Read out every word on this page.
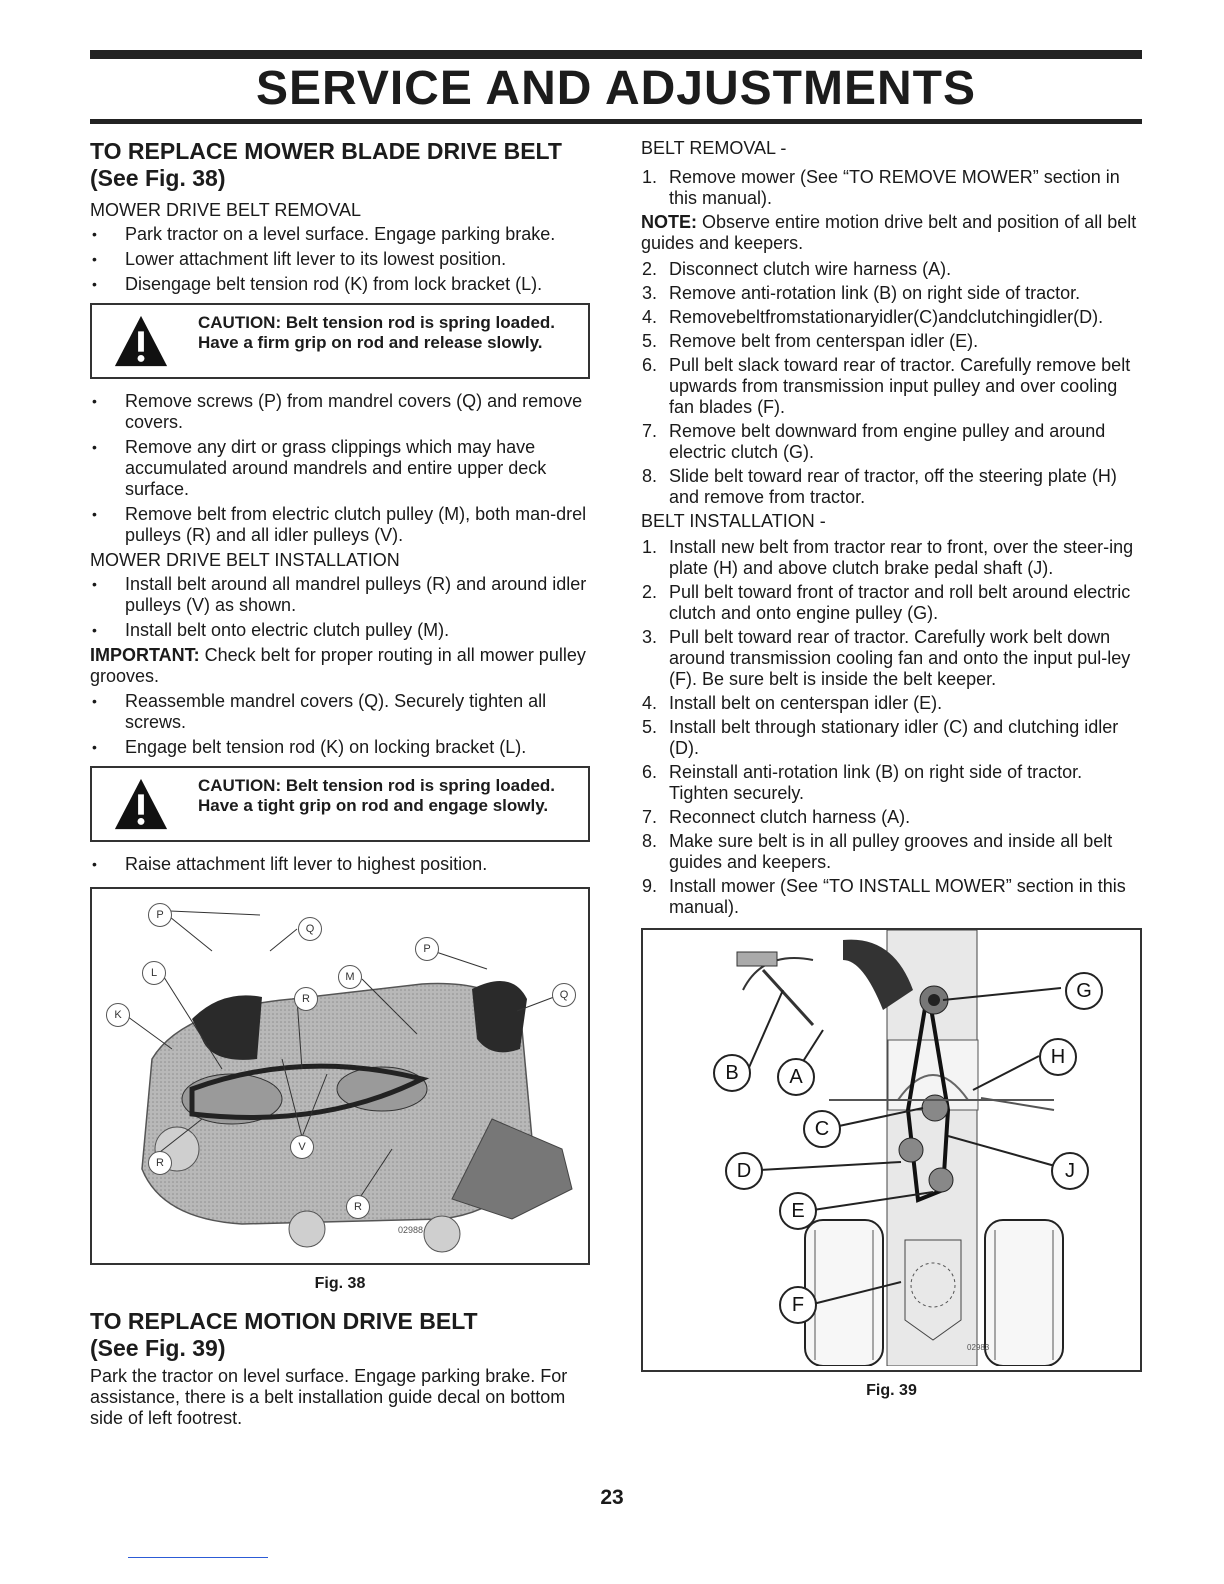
SERVICE AND ADJUSTMENTS
TO REPLACE MOWER BLADE DRIVE BELT
(See Fig. 38)

MOWER DRIVE BELT REMOVAL

• Park tractor on a level surface. Engage parking brake.
• Lower attachment lift lever to its lowest position.
• Disengage belt tension rod (K) from lock bracket (L).
CAUTION: Belt tension rod is spring loaded. Have a firm grip on rod and release slowly.
• Remove screws (P) from mandrel covers (Q) and remove covers.
• Remove any dirt or grass clippings which may have accumulated around mandrels and entire upper deck surface.
• Remove belt from electric clutch pulley (M), both man-drel pulleys (R) and all idler pulleys (V).

MOWER DRIVE BELT INSTALLATION

• Install belt around all mandrel pulleys (R) and around idler pulleys (V) as shown.
• Install belt onto electric clutch pulley (M).

IMPORTANT: Check belt for proper routing in all mower pulley grooves.

• Reassemble mandrel covers (Q). Securely tighten all screws.
• Engage belt tension rod (K) on locking bracket (L).
CAUTION: Belt tension rod is spring loaded. Have a tight grip on rod and engage slowly.
• Raise attachment lift lever to highest position.
02988
P
Q
L	M
P
R	Q
K
V
R
R
Fig. 38
TO REPLACE MOTION DRIVE BELT
(See Fig. 39)

Park the tractor on level surface. Engage parking brake. For assistance, there is a belt installation guide decal on bottom side of left footrest.

BELT REMOVAL -

1. Remove mower (See “TO REMOVE MOWER” section in this manual).

NOTE: Observe entire motion drive belt and position of all belt guides and keepers.

2. Disconnect clutch wire harness (A).
3. Remove anti-rotation link (B) on right side of tractor.
4. Removebeltfromstationaryidler(C)andclutchingidler(D).
5. Remove belt from centerspan idler (E).
6. Pull belt slack toward rear of tractor. Carefully remove belt upwards from transmission input pulley and over cooling fan blades (F).
7. Remove belt downward from engine pulley and around electric clutch (G).
8. Slide belt toward rear of tractor, off the steering plate (H) and remove from tractor.

BELT INSTALLATION -

1. Install new belt from tractor rear to front, over the steer-ing plate (H) and above clutch brake pedal shaft (J).
2. Pull belt toward front of tractor and roll belt around electric clutch and onto engine pulley (G).
3. Pull belt toward rear of tractor. Carefully work belt down around transmission cooling fan and onto the input pul-ley (F). Be sure belt is inside the belt keeper.
4. Install belt on centerspan idler (E).
5. Install belt through stationary idler (C) and clutching idler (D).
6. Reinstall anti-rotation link (B) on right side of tractor. Tighten securely.
7. Reconnect clutch harness (A).
8. Make sure belt is in all pulley grooves and inside all belt guides and keepers.
9. Install mower (See “TO INSTALL MOWER” section in this manual).
02983
G
H
B	A
C
D	J
E
F
Fig. 39
23
